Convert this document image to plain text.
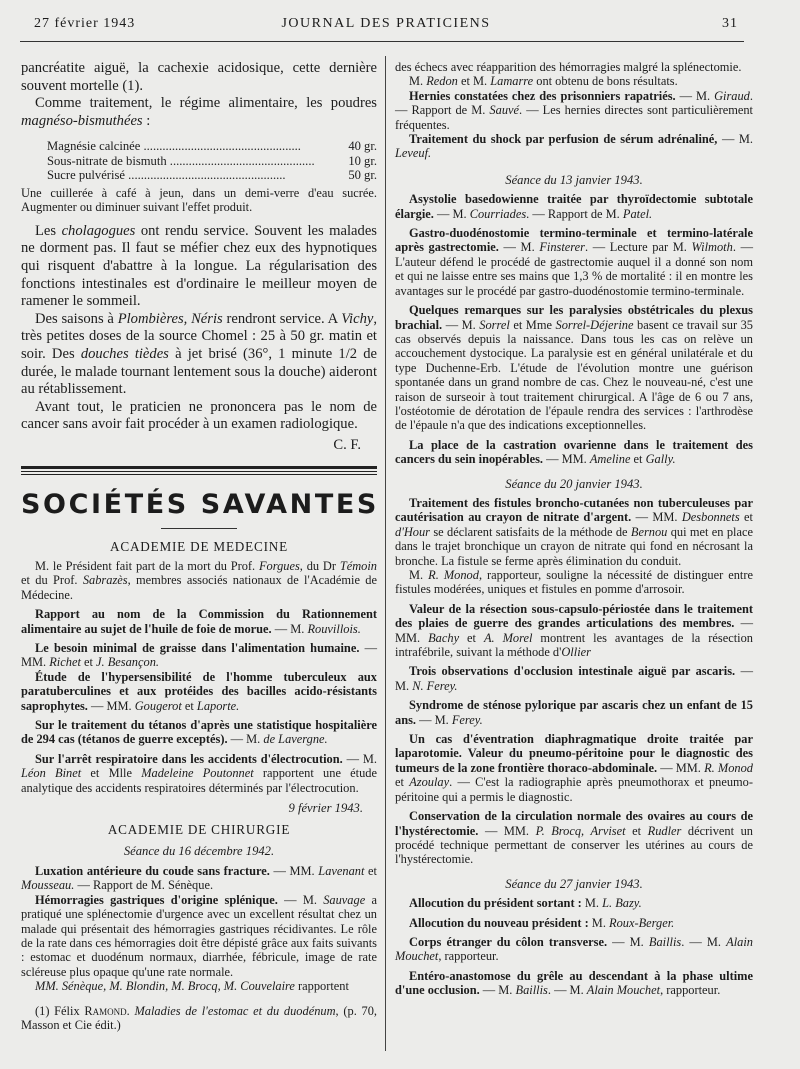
27 février 1943	JOURNAL DES PRATICIENS	31

pancréatite aiguë, la cachexie acidosique, cette dernière souvent mortelle (1).

Comme traitement, le régime alimentaire, les poudres magnéso-bismuthées :

Magnésie calcinée .....	40 gr.
Sous-nitrate de bismuth .....	10 gr.
Sucre pulvérisé .....	50 gr.

Une cuillerée à café à jeun, dans un demi-verre d'eau sucrée. Augmenter ou diminuer suivant l'effet produit.

Les cholagogues ont rendu service. Souvent les malades ne dorment pas. Il faut se méfier chez eux des hypnotiques qui risquent d'abattre à la longue. La régularisation des fonctions intestinales est d'ordinaire le meilleur moyen de ramener le sommeil.

Des saisons à Plombières, Néris rendront service. A Vichy, très petites doses de la source Chomel : 25 à 50 gr. matin et soir. Des douches tièdes à jet brisé (36°, 1 minute 1/2 de durée, le malade tournant lentement sous la douche) aideront au rétablissement.

Avant tout, le praticien ne prononcera pas le nom de cancer sans avoir fait procéder à un examen radiologique.

C. F.
SOCIÉTÉS SAVANTES
ACADEMIE DE MEDECINE

M. le Président fait part de la mort du Prof. Forgues, du Dr Témoin et du Prof. Sabrazès, membres associés nationaux de l'Académie de Médecine.

Rapport au nom de la Commission du Rationnement alimentaire au sujet de l'huile de foie de morue. — M. Rouvillois.

Le besoin minimal de graisse dans l'alimentation humaine. — MM. Richet et J. Besançon.

Étude de l'hypersensibilité de l'homme tuberculeux aux paratuberculines et aux protéides des bacilles acido-résistants saprophytes. — MM. Gougerot et Laporte.

Sur le traitement du tétanos d'après une statistique hospitalière de 294 cas (tétanos de guerre exceptés). — M. de Lavergne.

Sur l'arrêt respiratoire dans les accidents d'électrocution. — M. Léon Binet et Mlle Madeleine Poutonnet rapportent une étude analytique des accidents respiratoires déterminés par l'électrocution.

9 février 1943.
ACADEMIE DE CHIRURGIE
Séance du 16 décembre 1942.

Luxation antérieure du coude sans fracture. — MM. Lavenant et Mousseau. — Rapport de M. Sénèque.

Hémorragies gastriques d'origine splénique. — M. Sauvage a pratiqué une splénectomie d'urgence avec un excellent résultat chez un malade qui présentait des hémorragies gastriques récidivantes. Le rôle de la rate dans ces hémorragies doit être dépisté grâce aux faits suivants : estomac et duodénum normaux, diarrhée, fébricule, image de rate scléreuse plus opaque qu'une rate normale.

MM. Sénèque, M. Blondin, M. Brocq, M. Couvelaire rapportent

(1) Félix Ramond. Maladies de l'estomac et du duodénum, (p. 70, Masson et Cie édit.)

des échecs avec réapparition des hémorragies malgré la splénectomie.

M. Redon et M. Lamarre ont obtenu de bons résultats.

Hernies constatées chez des prisonniers rapatriés. — M. Giraud. — Rapport de M. Sauvé. — Les hernies directes sont particulièrement fréquentes.

Traitement du shock par perfusion de sérum adrénaliné, — M. Leveuf.

Séance du 13 janvier 1943.

Asystolie basedowienne traitée par thyroïdectomie subtotale élargie. — M. Courriades. — Rapport de M. Patel.

Gastro-duodénostomie termino-terminale et termino-latérale après gastrectomie. — M. Finsterer. — Lecture par M. Wilmoth. — L'auteur défend le procédé de gastrectomie auquel il a donné son nom et qui ne laisse entre ses mains que 1,3 % de mortalité : il en montre les avantages sur le procédé par gastro-duodénostomie termino-terminale.

Quelques remarques sur les paralysies obstétricales du plexus brachial. — M. Sorrel et Mme Sorrel-Déjerine basent ce travail sur 35 cas observés depuis la naissance. Dans tous les cas on relève un accouchement dystocique. La paralysie est en général unilatérale et du type Duchenne-Erb. L'étude de l'évolution montre une guérison spontanée dans un grand nombre de cas. Chez le nouveau-né, c'est une raison de surseoir à tout traitement chirurgical. A l'âge de 6 ou 7 ans, l'ostéotomie de dérotation de l'épaule rendra des services : l'arthrodèse de l'épaule n'a que des indications exceptionnelles.

La place de la castration ovarienne dans le traitement des cancers du sein inopérables. — MM. Ameline et Gally.

Séance du 20 janvier 1943.

Traitement des fistules broncho-cutanées non tuberculeuses par cautérisation au crayon de nitrate d'argent. — MM. Desbonnets et d'Hour se déclarent satisfaits de la méthode de Bernou qui met en place dans le trajet bronchique un crayon de nitrate qui fond en nécrosant la bronche. La fistule se ferme après élimination du conduit.

M. R. Monod, rapporteur, souligne la nécessité de distinguer entre fistules modérées, uniques et fistules en pomme d'arrosoir.

Valeur de la résection sous-capsulo-périostée dans le traitement des plaies de guerre des grandes articulations des membres. — MM. Bachy et A. Morel montrent les avantages de la résection intrafébrile, suivant la méthode d'Ollier

Trois observations d'occlusion intestinale aiguë par ascaris. — M. N. Ferey.

Syndrome de sténose pylorique par ascaris chez un enfant de 15 ans. — M. Ferey.

Un cas d'éventration diaphragmatique droite traitée par laparotomie. Valeur du pneumo-péritoine pour le diagnostic des tumeurs de la zone frontière thoraco-abdominale. — MM. R. Monod et Azoulay. — C'est la radiographie après pneumothorax et pneumo-péritoine qui a permis le diagnostic.

Conservation de la circulation normale des ovaires au cours de l'hystérectomie. — MM. P. Brocq, Arviset et Rudler décrivent un procédé technique permettant de conserver les utérines au cours de l'hystérectomie.

Séance du 27 janvier 1943.

Allocution du président sortant : M. L. Bazy.

Allocution du nouveau président : M. Roux-Berger.

Corps étranger du côlon transverse. — M. Baillis. — M. Alain Mouchet, rapporteur.

Entéro-anastomose du grêle au descendant à la phase ultime d'une occlusion. — M. Baillis. — M. Alain Mouchet, rapporteur.
